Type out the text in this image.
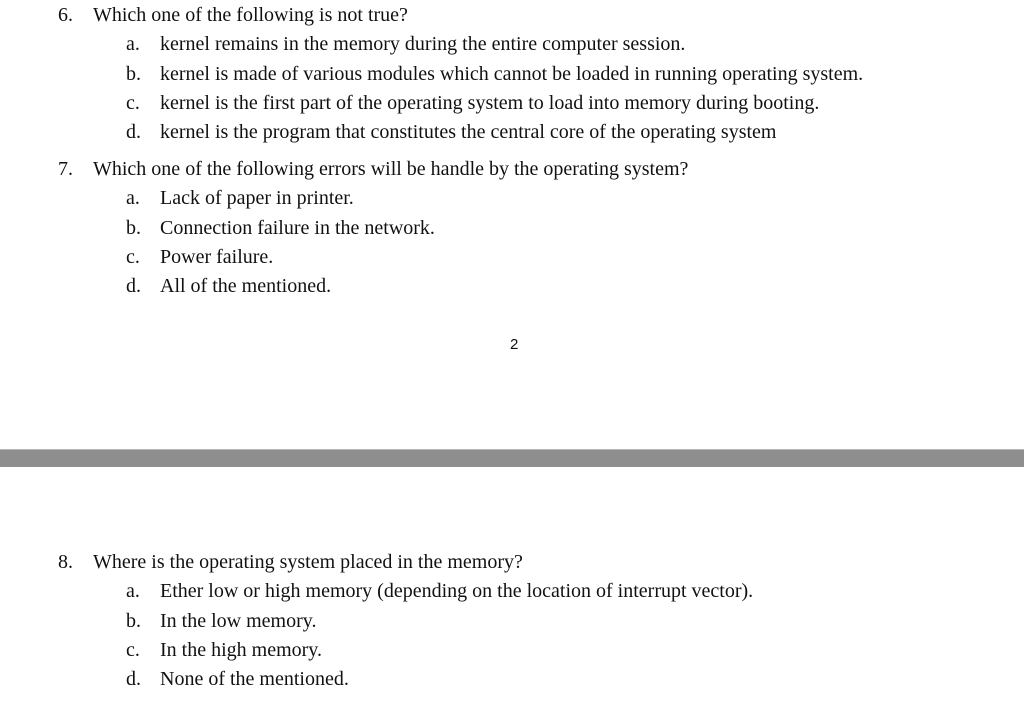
6. Which one of the following is not true?
a. kernel remains in the memory during the entire computer session.
b. kernel is made of various modules which cannot be loaded in running operating system.
c. kernel is the first part of the operating system to load into memory during booting.
d. kernel is the program that constitutes the central core of the operating system
7. Which one of the following errors will be handle by the operating system?
a. Lack of paper in printer.
b. Connection failure in the network.
c. Power failure.
d. All of the mentioned.
2
8. Where is the operating system placed in the memory?
a. Ether low or high memory (depending on the location of interrupt vector).
b. In the low memory.
c. In the high memory.
d. None of the mentioned.
